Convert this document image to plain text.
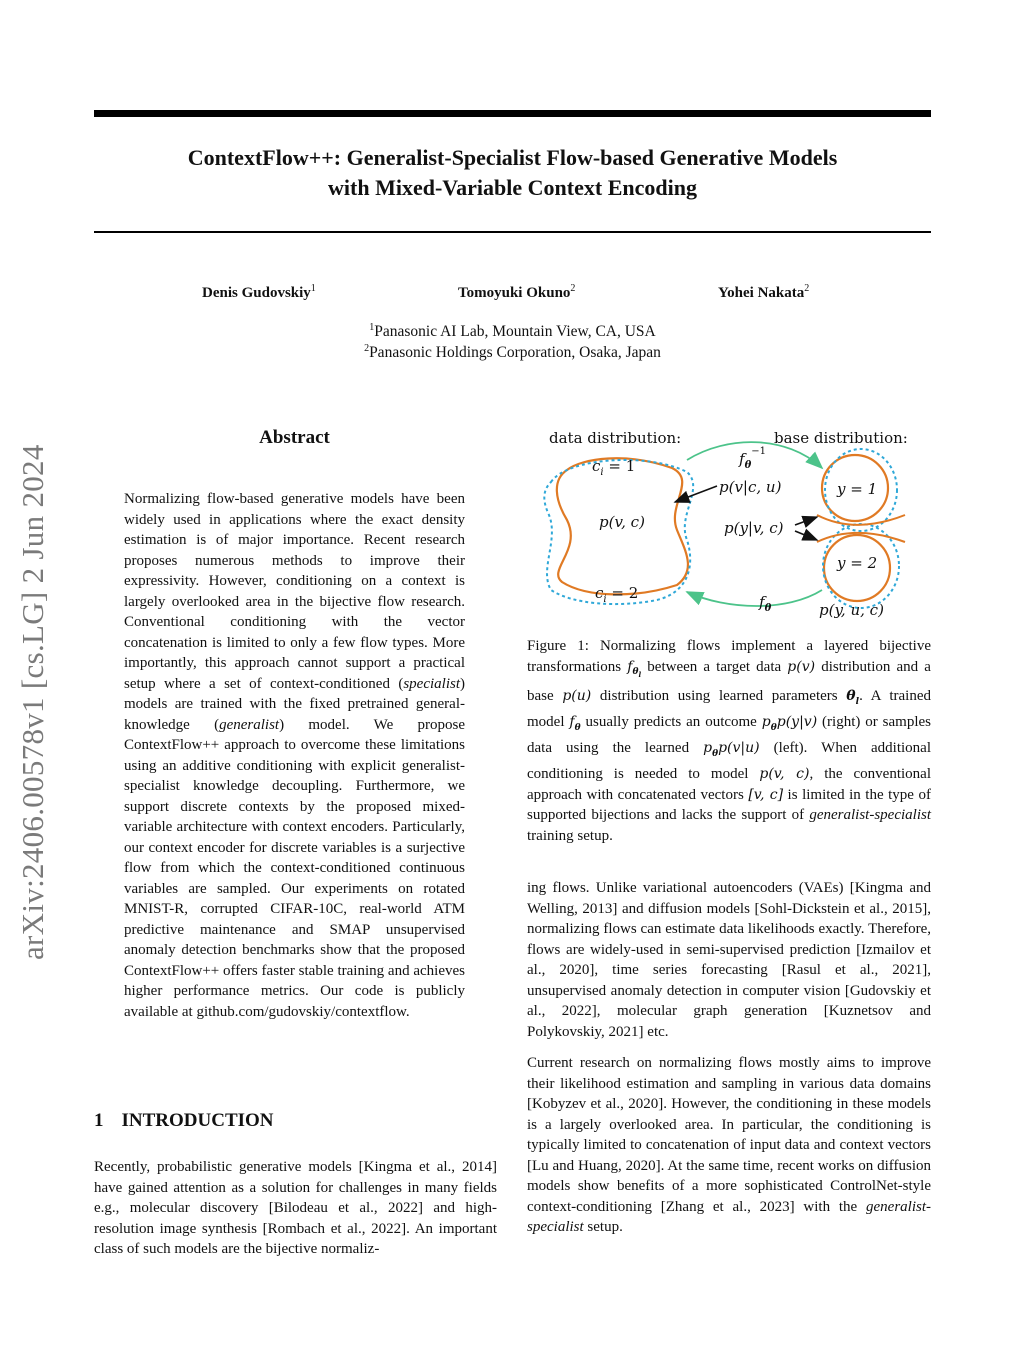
ContextFlow++: Generalist-Specialist Flow-based Generative Models
with Mixed-Variable Context Encoding
Denis Gudovskiy$^1$	Tomoyuki Okuno$^2$	Yohei Nakata$^2$
$^1$Panasonic AI Lab, Mountain View, CA, USA
$^2$Panasonic Holdings Corporation, Osaka, Japan
arXiv:2406.00578v1 [cs.LG] 2 Jun 2024
Abstract
Normalizing flow-based generative models have been widely used in applications where the exact density estimation is of major importance. Recent research proposes numerous methods to improve their expressivity. However, conditioning on a context is largely overlooked area in the bijective flow research. Conventional conditioning with the vector concatenation is limited to only a few flow types. More importantly, this approach cannot support a practical setup where a set of context-conditioned (specialist) models are trained with the fixed pretrained general-knowledge (generalist) model. We propose ContextFlow++ approach to overcome these limitations using an additive conditioning with explicit generalist-specialist knowledge decoupling. Furthermore, we support discrete contexts by the proposed mixed-variable architecture with context encoders. Particularly, our context encoder for discrete variables is a surjective flow from which the context-conditioned continuous variables are sampled. Our experiments on rotated MNIST-R, corrupted CIFAR-10C, real-world ATM predictive maintenance and SMAP unsupervised anomaly detection benchmarks show that the proposed ContextFlow++ offers faster stable training and achieves higher performance metrics. Our code is publicly available at github.com/gudovskiy/contextflow.
1 INTRODUCTION
Recently, probabilistic generative models [Kingma et al., 2014] have gained attention as a solution for challenges in many fields e.g., molecular discovery [Bilodeau et al., 2022] and high-resolution image synthesis [Rombach et al., 2022]. An important class of such models are the bijective normaliz-
data distribution:	base distribution:
$c_i = 1$
$c_i = 2$
p(v, c)
y = 1
y = 2
$f_\theta^{-1}$
$f_\theta$
p(v|c, u)
p(y|v, c)
p(y, u, c)
Figure 1: Normalizing flows implement a layered bijective transformations $f_{\theta_l}$ between a target data p(v) distribution and a base p(u) distribution using learned parameters $\theta_l$. A trained model $f_\theta$ usually predicts an outcome $p_\theta p(y|v)$ (right) or samples data using the learned $p_\theta p(v|u)$ (left). When additional conditioning is needed to model p(v, c), the conventional approach with concatenated vectors [v, c] is limited in the type of supported bijections and lacks the support of generalist-specialist training setup.

ing flows. Unlike variational autoencoders (VAEs) [Kingma and Welling, 2013] and diffusion models [Sohl-Dickstein et al., 2015], normalizing flows can estimate data likelihoods exactly. Therefore, flows are widely-used in semi-supervised prediction [Izmailov et al., 2020], time series forecasting [Rasul et al., 2021], unsupervised anomaly detection in computer vision [Gudovskiy et al., 2022], molecular graph generation [Kuznetsov and Polykovskiy, 2021] etc.

Current research on normalizing flows mostly aims to improve their likelihood estimation and sampling in various data domains [Kobyzev et al., 2020]. However, the conditioning in these models is a largely overlooked area. In particular, the conditioning is typically limited to concatenation of input data and context vectors [Lu and Huang, 2020]. At the same time, recent works on diffusion models show benefits of a more sophisticated ControlNet-style context-conditioning [Zhang et al., 2023] with the generalist-specialist setup.
